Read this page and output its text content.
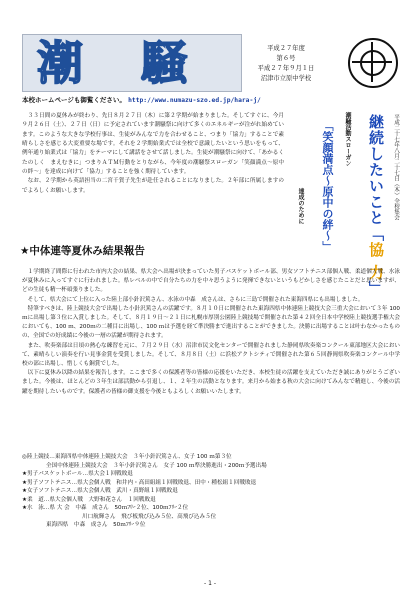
潮 騒	平成２７年度
第６号
平成２７年９月１日
沼津市立原中学校
本校ホームページも御覧ください。 http://www.numazu-szo.ed.jp/hara-j/

３３日間の夏休みが終わり、先日８月２７日（木）に第２学期が始まりました。そしてすぐに、今月９月２６日（土）、２７日（日）に予定されています潮騒祭に向けて多くのエネルギーが注がれ始めています。このような大きな学校行事は、生徒がみんなで力を合わせること、つまり「協力」することで素晴らしさを感じる大変重要な場です。それを２学期始業式では全校で意識したいという思いをもって、例年通り始業式は「協力」をテーマにして講話をさせて話しました。生徒が潮騒祭に向けて、「あかるく　たのしく　まえむきに」つまりＡＴＭ行動をとりながら、今年度の潮騒祭スローガン「笑顔満点～原中の絆～」を達成に向けて「協力」することを強く期待しています。

なお、２学期から英語担当の二宮千賀子先生が赴任されることになりました。２年部に所属しますのでよろしくお願いします。	平成二十七年八月二十七日（木）全校集会
継続したいこと「協 力」
潮騒活動スローガン
「笑顔満点～原中の絆～」
達成のために
★中体連等夏休み結果報告

１学期終了間際に行われた市内大会の結果、県大会へ出場が決まっていた男子バスケットボール部、男女ソフトテニス部個人戦、柔道個人戦、水泳が夏休みに入ってすぐに行われました。県レベルの中で自分たちの力を中々思うように発揮できないというもどかしさを感じたことだと思いますが、どの生徒も精一杯頑張りました。

そして、県大会にて上位に入った陸上部小針沢篤さん、水泳の中森　成さんは、さらに三島で開催された東海四県にも出場しました。

特筆すべきは、陸上競技大会で出場した小針沢篤さんの活躍です。８月１０日に開催された東海四県中体連陸上競技大会三重大会において３年 100 ｍに出場し第３位に入賞しました。そして、８月１９日～２１日に札幌市厚別公園陸上競技場で開催された第４２回全日本中学校陸上競技選手権大会においても、100 ｍ、200ｍの二種目に出場し、100 ｍは予選を経て準決勝まで進出することができました。決勝に出場することは叶わなかったものの、全国での好成績に今後の一層の活躍が期待されます。

また、吹奏楽部は日頃の熱心な練習を元に、７月２９日（水）沼津市民文化センターで開催されました静岡県吹奏楽コンクール東部地区大会において、素晴らしい演奏を行い見事金賞を受賞しました。そして、８月８日（土）に浜松アクトシティで開催された第６５回静岡県吹奏楽コンクール中学校の部に出場し、惜しくも銅賞でした。

以下に夏休み以降の結果を報告します。ここまで多くの保護者等の皆様の応援をいただき、本校生徒の活躍を支えていただき誠にありがとうございました。今後は、ほとんどの３年生は部活動から引退し、１、２年生の活動となります。来月から始まる秋の大会に向けてみんなで精進し、今後の活躍を期待したいものです。保護者の皆様の御支援を今後ともよろしくお願いいたします。

◎陸上競技…東海四県中体連陸上競技大会　３年小針沢篤さん、女子 100 ｍ第３位
全国中体連陸上競技大会　３年小針沢篤さん　女子 100 ｍ準決勝進出・200ｍ予選出場
★男子バスケットボール…県大会１回戦敗退
★男子ソフトテニス…県大会個人戦　和井内・高田組組１回戦敗退、田中・種松組１回戦敗退
★女子ソフトテニス…県大会個人戦　武川・真野組１回戦敗退
★柔　道…県大会個人戦　大野和花さん　１回戦敗退
★水　泳…県 大 会　中森　成さん　50ｍﾌﾘｰ２位、100ｍﾌﾘｰ２位
川口航輝さん　飛び板飛び込み５位、高飛び込み５位
東海四県　中森　成さん　50ｍﾌﾘｰ９位
- 1 -
